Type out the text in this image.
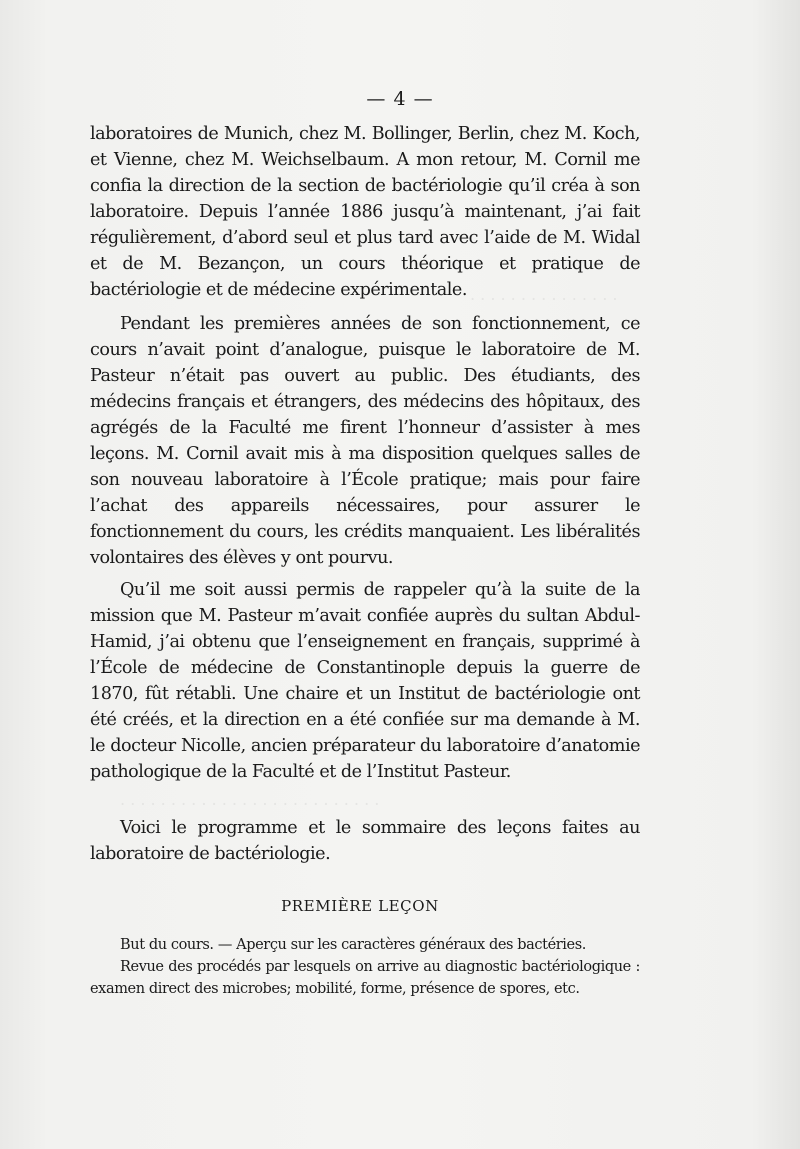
. . . . . . . . . . . . . . .
. . . . . . . . . . . . . . . . . . . . . . . . . .
— 4 —

laboratoires de Munich, chez M. Bollinger, Berlin, chez M. Koch, et Vienne, chez M. Weichselbaum. A mon retour, M. Cornil me confia la direction de la section de bactériologie qu’il créa à son laboratoire. Depuis l’année 1886 jusqu’à maintenant, j’ai fait régulièrement, d’abord seul et plus tard avec l’aide de M. Widal et de M. Bezançon, un cours théorique et pratique de bactériologie et de médecine expérimentale.

Pendant les premières années de son fonctionnement, ce cours n’avait point d’analogue, puisque le laboratoire de M. Pasteur n’était pas ouvert au public. Des étudiants, des médecins français et étrangers, des médecins des hôpitaux, des agrégés de la Faculté me firent l’honneur d’assister à mes leçons. M. Cornil avait mis à ma disposition quelques salles de son nouveau laboratoire à l’École pratique; mais pour faire l’achat des appareils nécessaires, pour assurer le fonctionnement du cours, les crédits manquaient. Les libéralités volontaires des élèves y ont pourvu.

Qu’il me soit aussi permis de rappeler qu’à la suite de la mission que M. Pasteur m’avait confiée auprès du sultan Abdul-Hamid, j’ai obtenu que l’enseignement en français, supprimé à l’École de médecine de Constantinople depuis la guerre de 1870, fût rétabli. Une chaire et un Institut de bactériologie ont été créés, et la direction en a été confiée sur ma demande à M. le docteur Nicolle, ancien préparateur du laboratoire d’anatomie pathologique de la Faculté et de l’Institut Pasteur.

Voici le programme et le sommaire des leçons faites au laboratoire de bactériologie.

PREMIÈRE LEÇON

But du cours. — Aperçu sur les caractères généraux des bactéries.

Revue des procédés par lesquels on arrive au diagnostic bactériologique : examen direct des microbes; mobilité, forme, présence de spores, etc.
